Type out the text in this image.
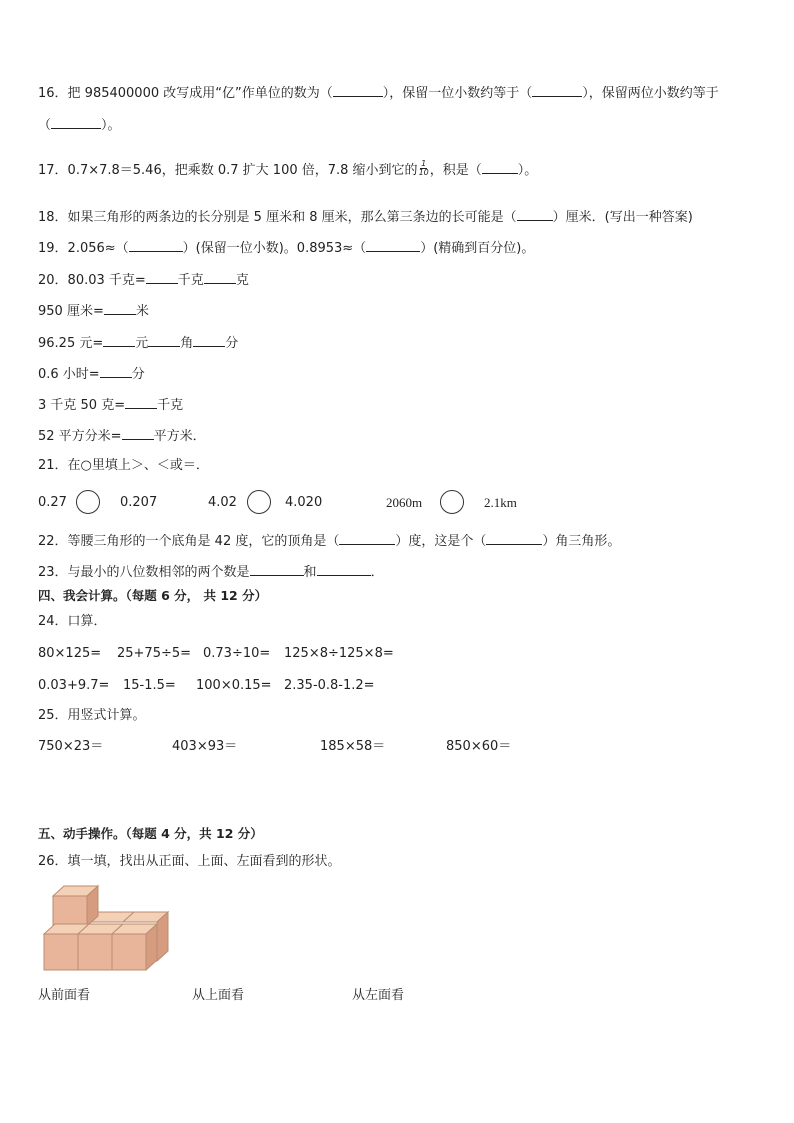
16．把 985400000 改写成用“亿”作单位的数为（	），保留一位小数约等于（	），保留两位小数约等于
（	）。
17．0.7×7.8＝5.46，把乘数 0.7 扩大 100 倍，7.8 缩小到它的 $\frac{1}{10}$ ，积是（	）。
18．如果三角形的两条边的长分别是 5 厘米和 8 厘米，那么第三条边的长可能是（	）厘米．(写出一种答案)
19．2.056≈（	）(保留一位小数)。0.8953≈（	）(精确到百分位)。
20．80.03 千克= 千克 克
950 厘米= 米
96.25 元= 元 角 分
0.6 小时= 分
3 千克 50 克= 千克
52 平方分米= 平方米．
21．在○里填上＞、＜或＝．
0.27	0.207	4.02	4.020	2060m	2.1km
22．等腰三角形的一个底角是 42 度，它的顶角是（	）度，这是个（	）角三角形。
23．与最小的八位数相邻的两个数是	和	．
四、我会计算。（每题 6 分， 共 12 分）
24．口算．
80×125= 25+75÷5= 0.73÷10= 125×8÷125×8=
0.03+9.7= 15-1.5= 100×0.15= 2.35-0.8-1.2=
25．用竖式计算。
750×23＝	403×93＝	185×58＝	850×60＝
五、动手操作。（每题 4 分，共 12 分）
26．填一填，找出从正面、上面、左面看到的形状。
从前面看	从上面看	从左面看
